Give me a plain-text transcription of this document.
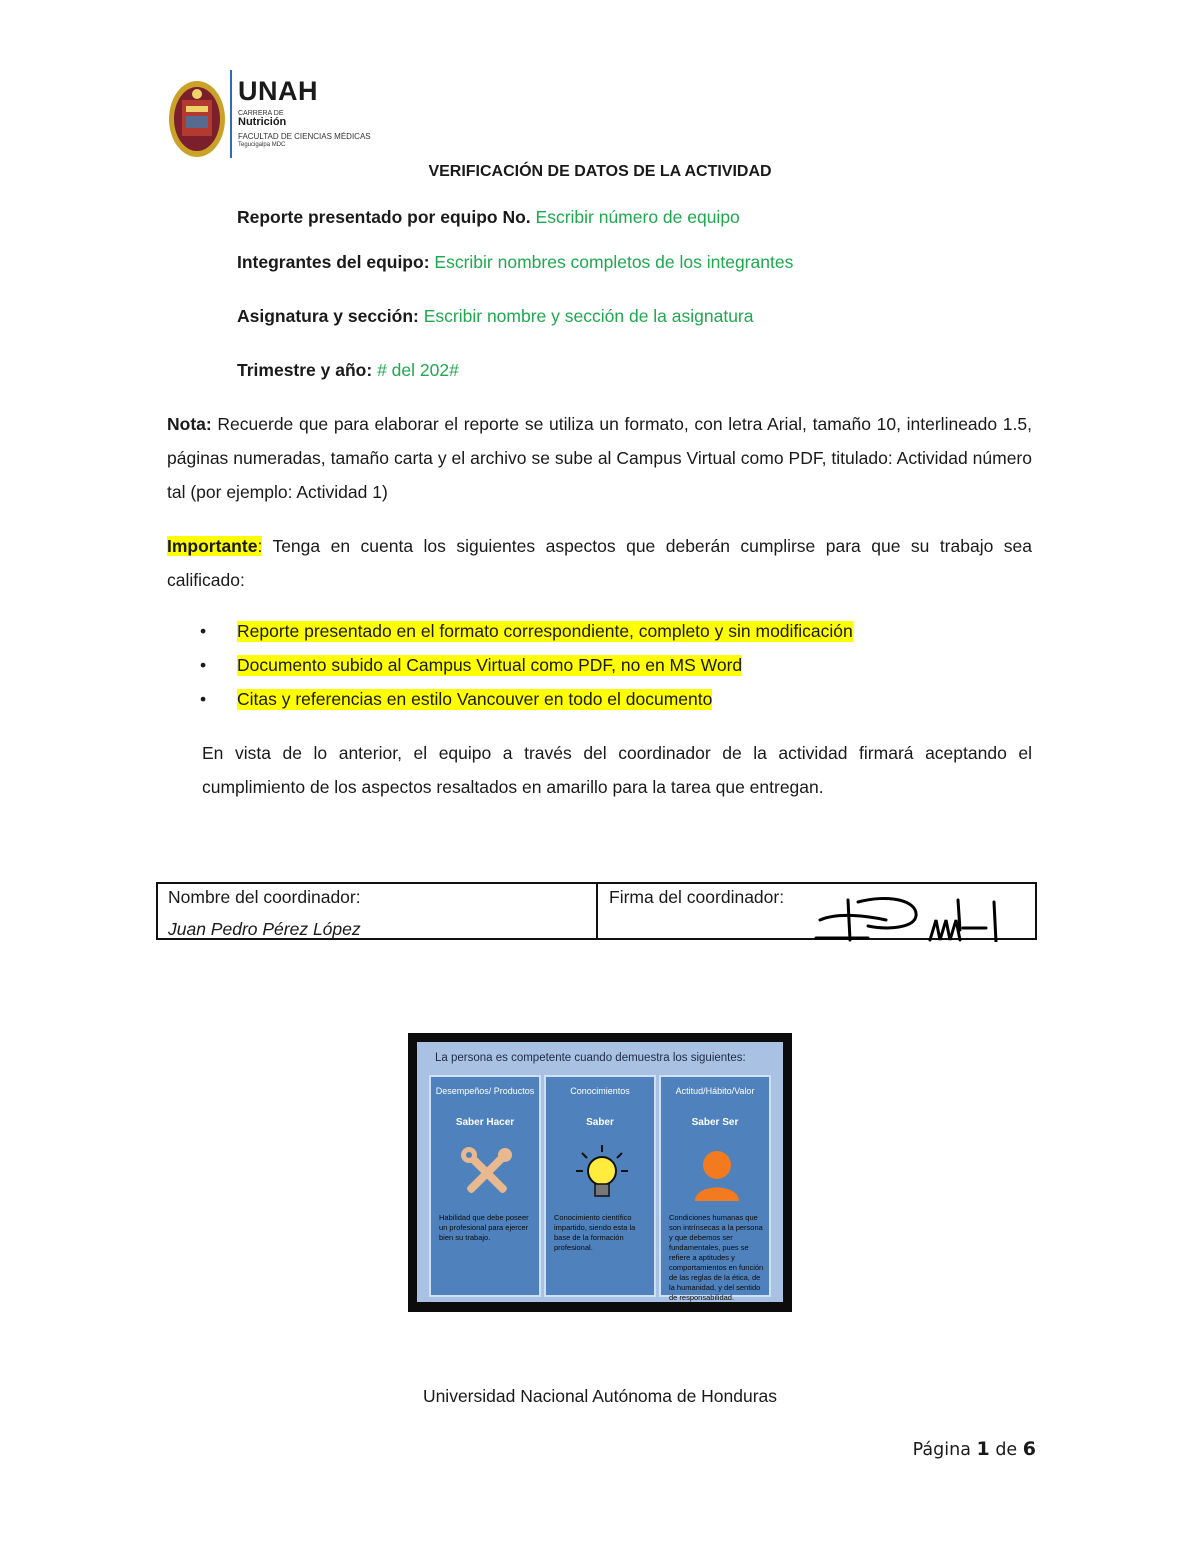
UNAH
CARRERA DE
Nutrición
FACULTAD DE CIENCIAS MÉDICAS
Tegucigalpa MDC
VERIFICACIÓN DE DATOS DE LA ACTIVIDAD
Reporte presentado por equipo No. Escribir número de equipo
Integrantes del equipo: Escribir nombres completos de los integrantes
Asignatura y sección: Escribir nombre y sección de la asignatura
Trimestre y año: # del 202#
Nota: Recuerde que para elaborar el reporte se utiliza un formato, con letra Arial, tamaño 10, interlineado 1.5, páginas numeradas, tamaño carta y el archivo se sube al Campus Virtual como PDF, titulado: Actividad número tal (por ejemplo: Actividad 1)
Importante: Tenga en cuenta los siguientes aspectos que deberán cumplirse para que su trabajo sea calificado:
• Reporte presentado en el formato correspondiente, completo y sin modificación
• Documento subido al Campus Virtual como PDF, no en MS Word
• Citas y referencias en estilo Vancouver en todo el documento
En vista de lo anterior, el equipo a través del coordinador de la actividad firmará aceptando el cumplimiento de los aspectos resaltados en amarillo para la tarea que entregan.
Nombre del coordinador:
Juan Pedro Pérez López
Firma del coordinador:
La persona es competente cuando demuestra los siguientes:
Desempeños/ Productos
Saber Hacer
Habilidad que debe poseer un profesional para ejercer bien su trabajo.
Conocimientos
Saber
Conocimiento científico impartido, siendo esta la base de la formación profesional.
Actitud/Hábito/Valor
Saber Ser
Condiciones humanas que son intrínsecas a la persona y que debemos ser fundamentales, pues se refiere a aptitudes y comportamientos en función de las reglas de la ética, de la humanidad, y del sentido de responsabilidad.
Universidad Nacional Autónoma de Honduras
Página 1 de 6
